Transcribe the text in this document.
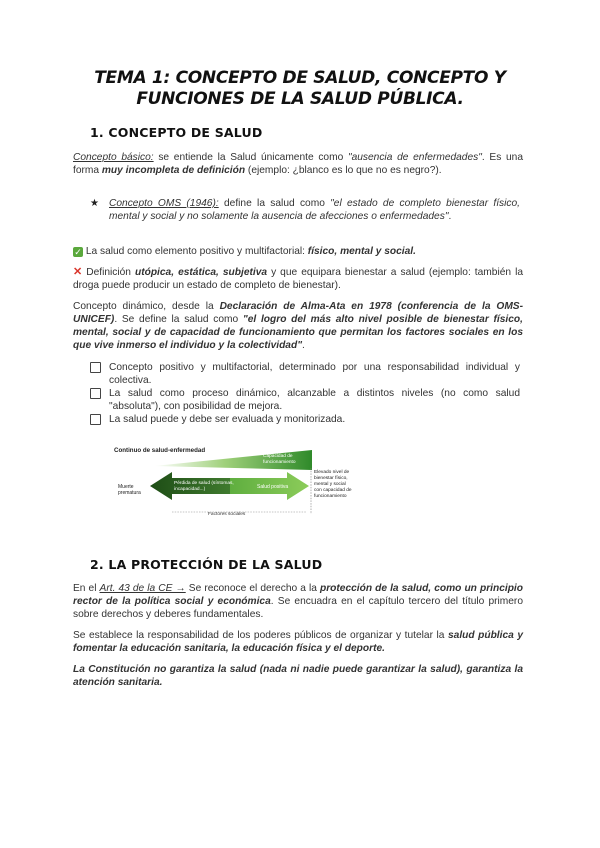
TEMA 1: CONCEPTO DE SALUD, CONCEPTO Y
FUNCIONES DE LA SALUD PÚBLICA.
1. CONCEPTO DE SALUD

Concepto básico: se entiende la Salud únicamente como "ausencia de enfermedades". Es una forma muy incompleta de definición (ejemplo: ¿blanco es lo que no es negro?).

★ Concepto OMS (1946): define la salud como "el estado de completo bienestar físico, mental y social y no solamente la ausencia de afecciones o enfermedades".

✓ La salud como elemento positivo y multifactorial: físico, mental y social.

✕ Definición utópica, estática, subjetiva y que equipara bienestar a salud (ejemplo: también la droga puede producir un estado de completo de bienestar).

Concepto dinámico, desde la Declaración de Alma-Ata en 1978 (conferencia de la OMS-UNICEF). Se define la salud como "el logro del más alto nivel posible de bienestar físico, mental, social y de capacidad de funcionamiento que permitan los factores sociales en los que vive inmerso el individuo y la colectividad".

Concepto positivo y multifactorial, determinado por una responsabilidad individual y colectiva.
La salud como proceso dinámico, alcanzable a distintos niveles (no como salud "absoluta"), con posibilidad de mejora.
La salud puede y debe ser evaluada y monitorizada.
Continuo de salud-enfermedad
Capacidad de
funcionamiento
Pérdida de salud (síntomas,
incapacidad...)	Salud positiva
Muerte
prematura
Elevado nivel de
bienestar físico,
mental y social
con capacidad de
funcionamiento
Factores sociales
2. LA PROTECCIÓN DE LA SALUD

En el Art. 43 de la CE → Se reconoce el derecho a la protección de la salud, como un principio rector de la política social y económica. Se encuadra en el capítulo tercero del título primero sobre derechos y deberes fundamentales.

Se establece la responsabilidad de los poderes públicos de organizar y tutelar la salud pública y fomentar la educación sanitaria, la educación física y el deporte.

La Constitución no garantiza la salud (nada ni nadie puede garantizar la salud), garantiza la atención sanitaria.
